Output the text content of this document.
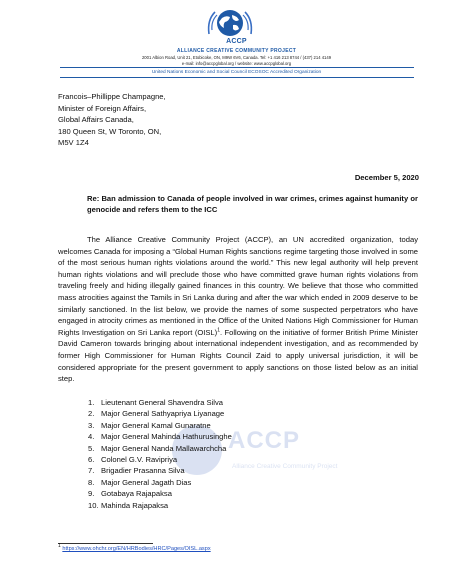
ACCP
ALLIANCE CREATIVE COMMUNITY PROJECT
2001 Albion Road, Unit 21, Etobicoke, ON, M9W 6V6, Canada. Tel: +1 416 213 8744 / (437) 214 4149
e-mail: info@accpglobal.org / website: www.accpglobal.org
United Nations Economic and Social Council ECOSOC Accredited Organization
Francois–Phillippe Champagne,
Minister of Foreign Affairs,
Global Affairs Canada,
180 Queen St, W Toronto, ON,
M5V 1Z4
December 5, 2020
Re: Ban admission to Canada of people involved in war crimes, crimes against humanity or genocide and refers them to the ICC
ACCP
Alliance Creative Community Project

The Alliance Creative Community Project (ACCP), an UN accredited organization, today welcomes Canada for imposing a “Global Human Rights sanctions regime targeting those involved in some of the most serious human rights violations around the world.” This new legal authority will help prevent human rights violations and will preclude those who have committed grave human rights violations from traveling freely and hiding illegally gained finances in this country. We believe that those who committed mass atrocities against the Tamils in Sri Lanka during and after the war which ended in 2009 deserve to be similarly sanctioned. In the list below, we provide the names of some suspected perpetrators who have engaged in atrocity crimes as mentioned in the Office of the United Nations High Commissioner for Human Rights Investigation on Sri Lanka report (OISL)$^1$. Following on the initiative of former British Prime Minister David Cameron towards bringing about international independent investigation, and as recommended by former High Commissioner for Human Rights Council Zaid to apply universal jurisdiction, it will be considered appropriate for the present government to apply sanctions on those listed below as an initial step.

1. Lieutenant General Shavendra Silva
2. Major General Sathyapriya Liyanage
3. Major General Kamal Gunaratne
4. Major General Mahinda Hathurusinghe
5. Major General Nanda Mallawarchcha
6. Colonel G.V. Ravipriya
7. Brigadier Prasanna Silva
8. Major General Jagath Dias
9. Gotabaya Rajapaksa
10. Mahinda Rajapaksa
$^1$ https://www.ohchr.org/EN/HRBodies/HRC/Pages/OISL.aspx
